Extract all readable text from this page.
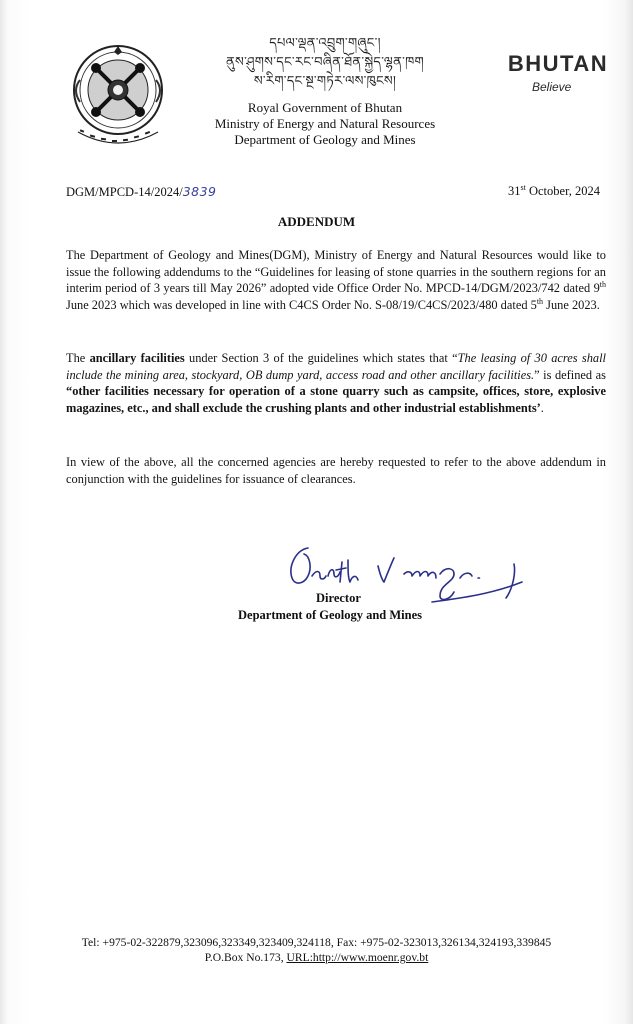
དཔལ་ལྡན་འབྲུག་གཞུང་།
ནུས་ཤུགས་དང་རང་བཞིན་ཐོན་སྐྱེད་ལྷན་ཁག
ས་རིག་དང་སྔ་གཏེར་ལས་ཁུངས།
Royal Government of Bhutan
Ministry of Energy and Natural Resources
Department of Geology and Mines
BHUTAN
Believe
DGM/MPCD-14/2024/3839	31st October, 2024
ADDENDUM
The Department of Geology and Mines(DGM), Ministry of Energy and Natural Resources would like to issue the following addendums to the “Guidelines for leasing of stone quarries in the southern regions for an interim period of 3 years till May 2026” adopted vide Office Order No. MPCD-14/DGM/2023/742 dated 9th June 2023 which was developed in line with C4CS Order No. S-08/19/C4CS/2023/480 dated 5th June 2023.
The ancillary facilities under Section 3 of the guidelines which states that “The leasing of 30 acres shall include the mining area, stockyard, OB dump yard, access road and other ancillary facilities.” is defined as “other facilities necessary for operation of a stone quarry such as campsite, offices, store, explosive magazines, etc., and shall exclude the crushing plants and other industrial establishments’.
In view of the above, all the concerned agencies are hereby requested to refer to the above addendum in conjunction with the guidelines for issuance of clearances.
Director
Department of Geology and Mines
Tel: +975-02-322879,323096,323349,323409,324118, Fax: +975-02-323013,326134,324193,339845
P.O.Box No.173, URL:http://www.moenr.gov.bt
